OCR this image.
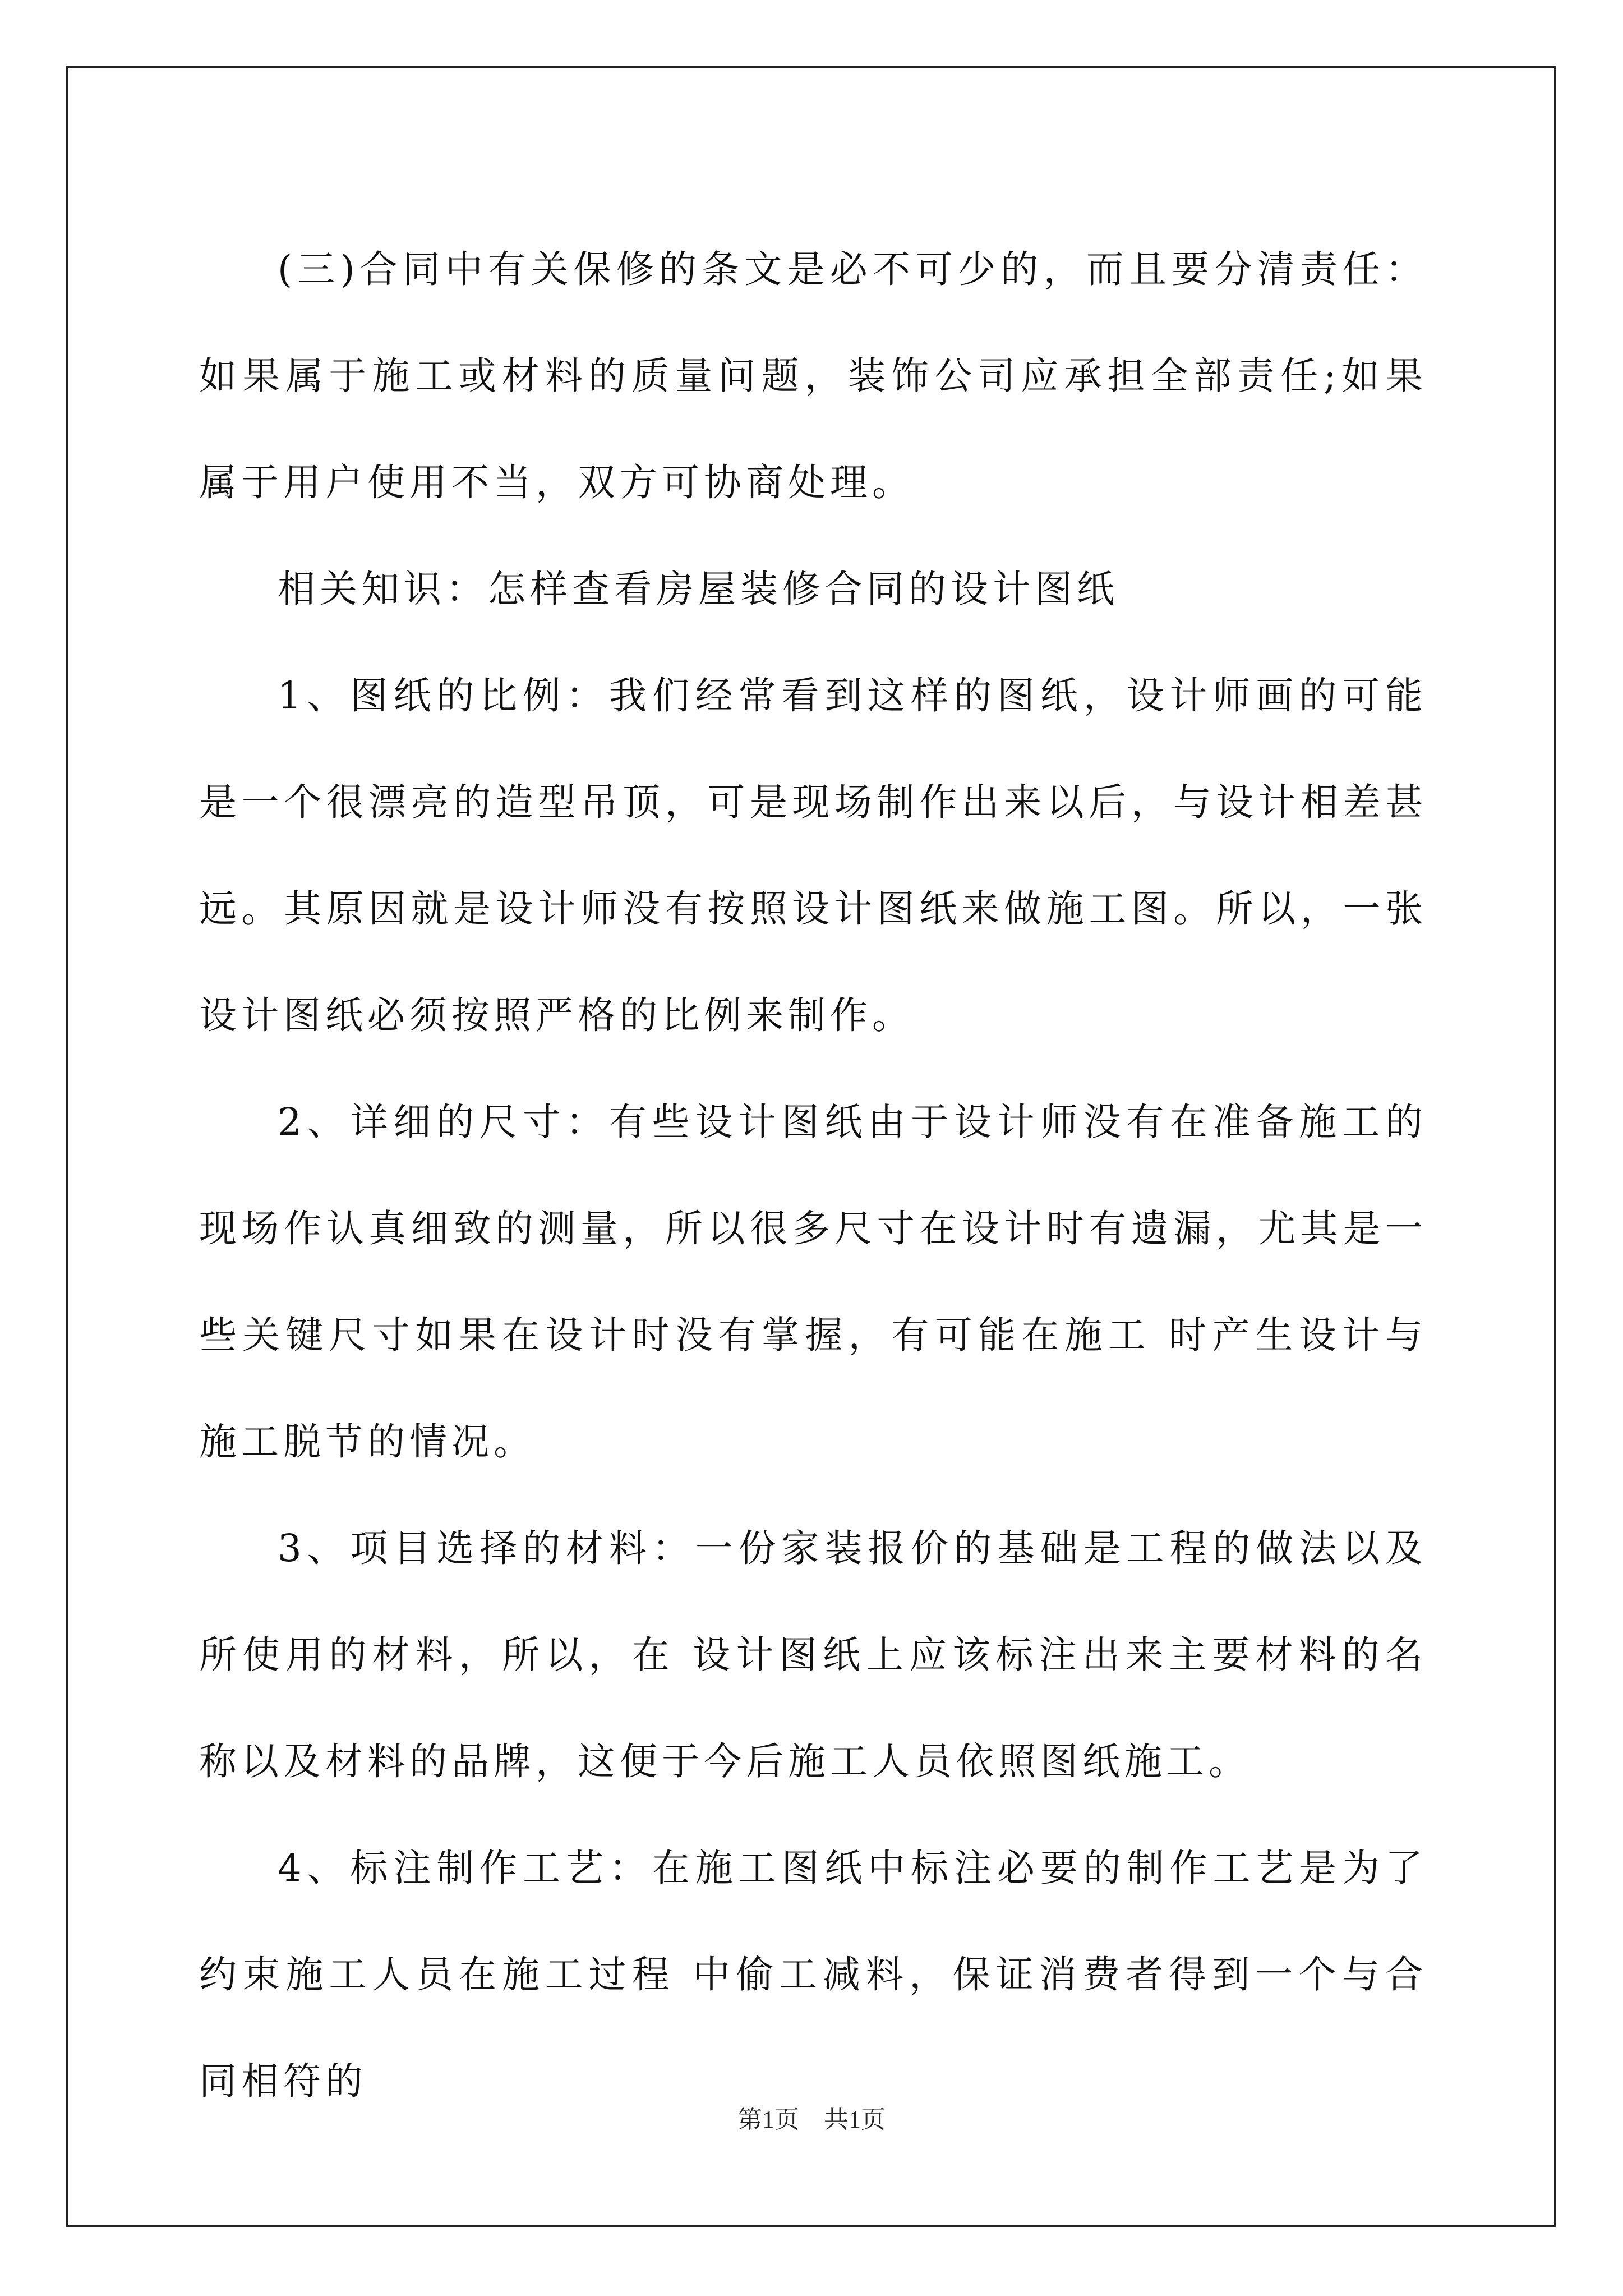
(三)合同中有关保修的条文是必不可少的，而且要分清责任：如果属于施工或材料的质量问题，装饰公司应承担全部责任;如果属于用户使用不当，双方可协商处理。

相关知识：怎样查看房屋装修合同的设计图纸

1、图纸的比例：我们经常看到这样的图纸，设计师画的可能是一个很漂亮的造型吊顶，可是现场制作出来以后，与设计相差甚远。其原因就是设计师没有按照设计图纸来做施工图。所以，一张设计图纸必须按照严格的比例来制作。

2、详细的尺寸：有些设计图纸由于设计师没有在准备施工的现场作认真细致的测量，所以很多尺寸在设计时有遗漏，尤其是一些关键尺寸如果在设计时没有掌握，有可能在施工 时产生设计与施工脱节的情况。

3、项目选择的材料：一份家装报价的基础是工程的做法以及所使用的材料，所以，在 设计图纸上应该标注出来主要材料的名称以及材料的品牌，这便于今后施工人员依照图纸施工。

4、标注制作工艺：在施工图纸中标注必要的制作工艺是为了约束施工人员在施工过程 中偷工减料，保证消费者得到一个与合同相符的

第1页 共1页
